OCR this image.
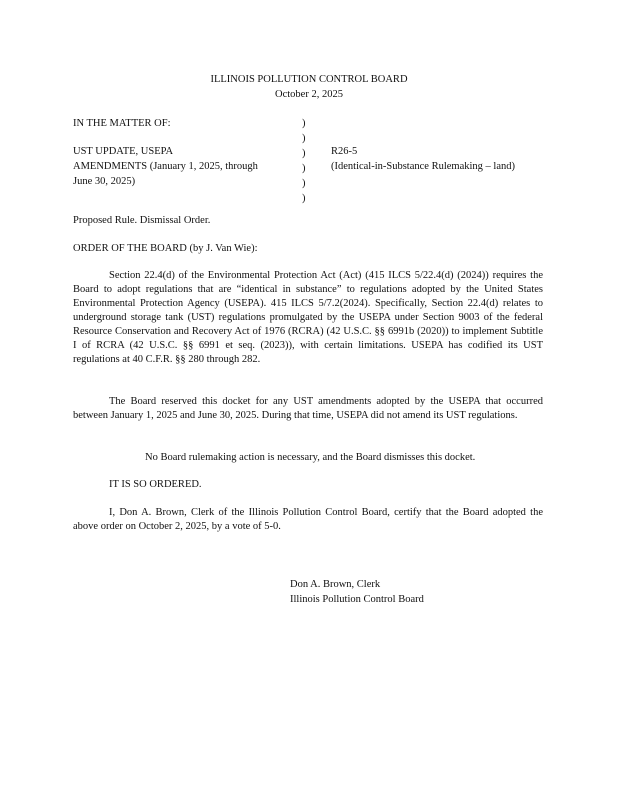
ILLINOIS POLLUTION CONTROL BOARD
October 2, 2025
IN THE MATTER OF:
UST UPDATE, USEPA
AMENDMENTS (January 1, 2025, through
June 30, 2025)
)
)
)
)
)
)
R26-5
(Identical-in-Substance Rulemaking – land)
Proposed Rule. Dismissal Order.
ORDER OF THE BOARD (by J. Van Wie):
Section 22.4(d) of the Environmental Protection Act (Act) (415 ILCS 5/22.4(d) (2024)) requires the Board to adopt regulations that are “identical in substance” to regulations adopted by the United States Environmental Protection Agency (USEPA). 415 ILCS 5/7.2(2024). Specifically, Section 22.4(d) relates to underground storage tank (UST) regulations promulgated by the USEPA under Section 9003 of the federal Resource Conservation and Recovery Act of 1976 (RCRA) (42 U.S.C. §§ 6991b (2020)) to implement Subtitle I of RCRA (42 U.S.C. §§ 6991 et seq. (2023)), with certain limitations. USEPA has codified its UST regulations at 40 C.F.R. §§ 280 through 282.
The Board reserved this docket for any UST amendments adopted by the USEPA that occurred between January 1, 2025 and June 30, 2025. During that time, USEPA did not amend its UST regulations.
No Board rulemaking action is necessary, and the Board dismisses this docket.
IT IS SO ORDERED.
I, Don A. Brown, Clerk of the Illinois Pollution Control Board, certify that the Board adopted the above order on October 2, 2025, by a vote of 5-0.
Don A. Brown, Clerk
Illinois Pollution Control Board
